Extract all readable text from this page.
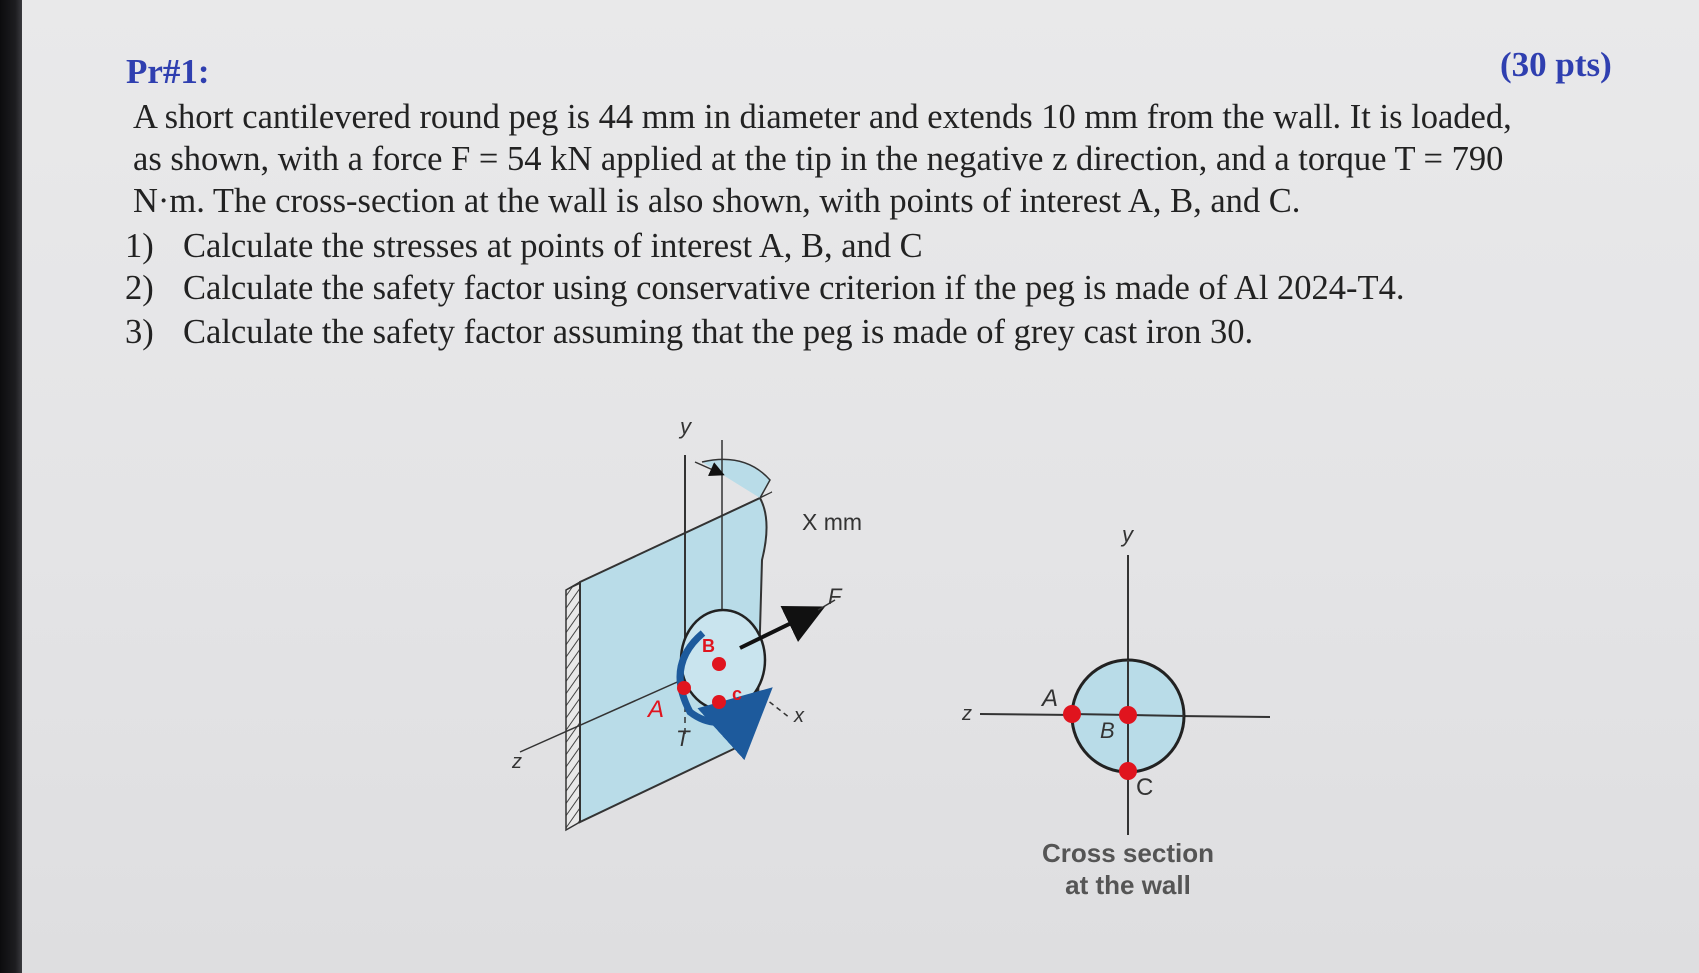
Pr#1:	(30 pts)
A short cantilevered round peg is 44 mm in diameter and extends 10 mm from the wall. It is loaded,
as shown, with a force F = 54 kN applied at the tip in the negative z direction, and a torque T = 790
N·m. The cross-section at the wall is also shown, with points of interest A, B, and C.
1) Calculate the stresses at points of interest A, B, and C
2) Calculate the safety factor using conservative criterion if the peg is made of Al 2024-T4.
3) Calculate the safety factor assuming that the peg is made of grey cast iron 30.
y
X mm
F
x
z
T
A
B
c
y
z
A
B
C
Cross section
at the wall
